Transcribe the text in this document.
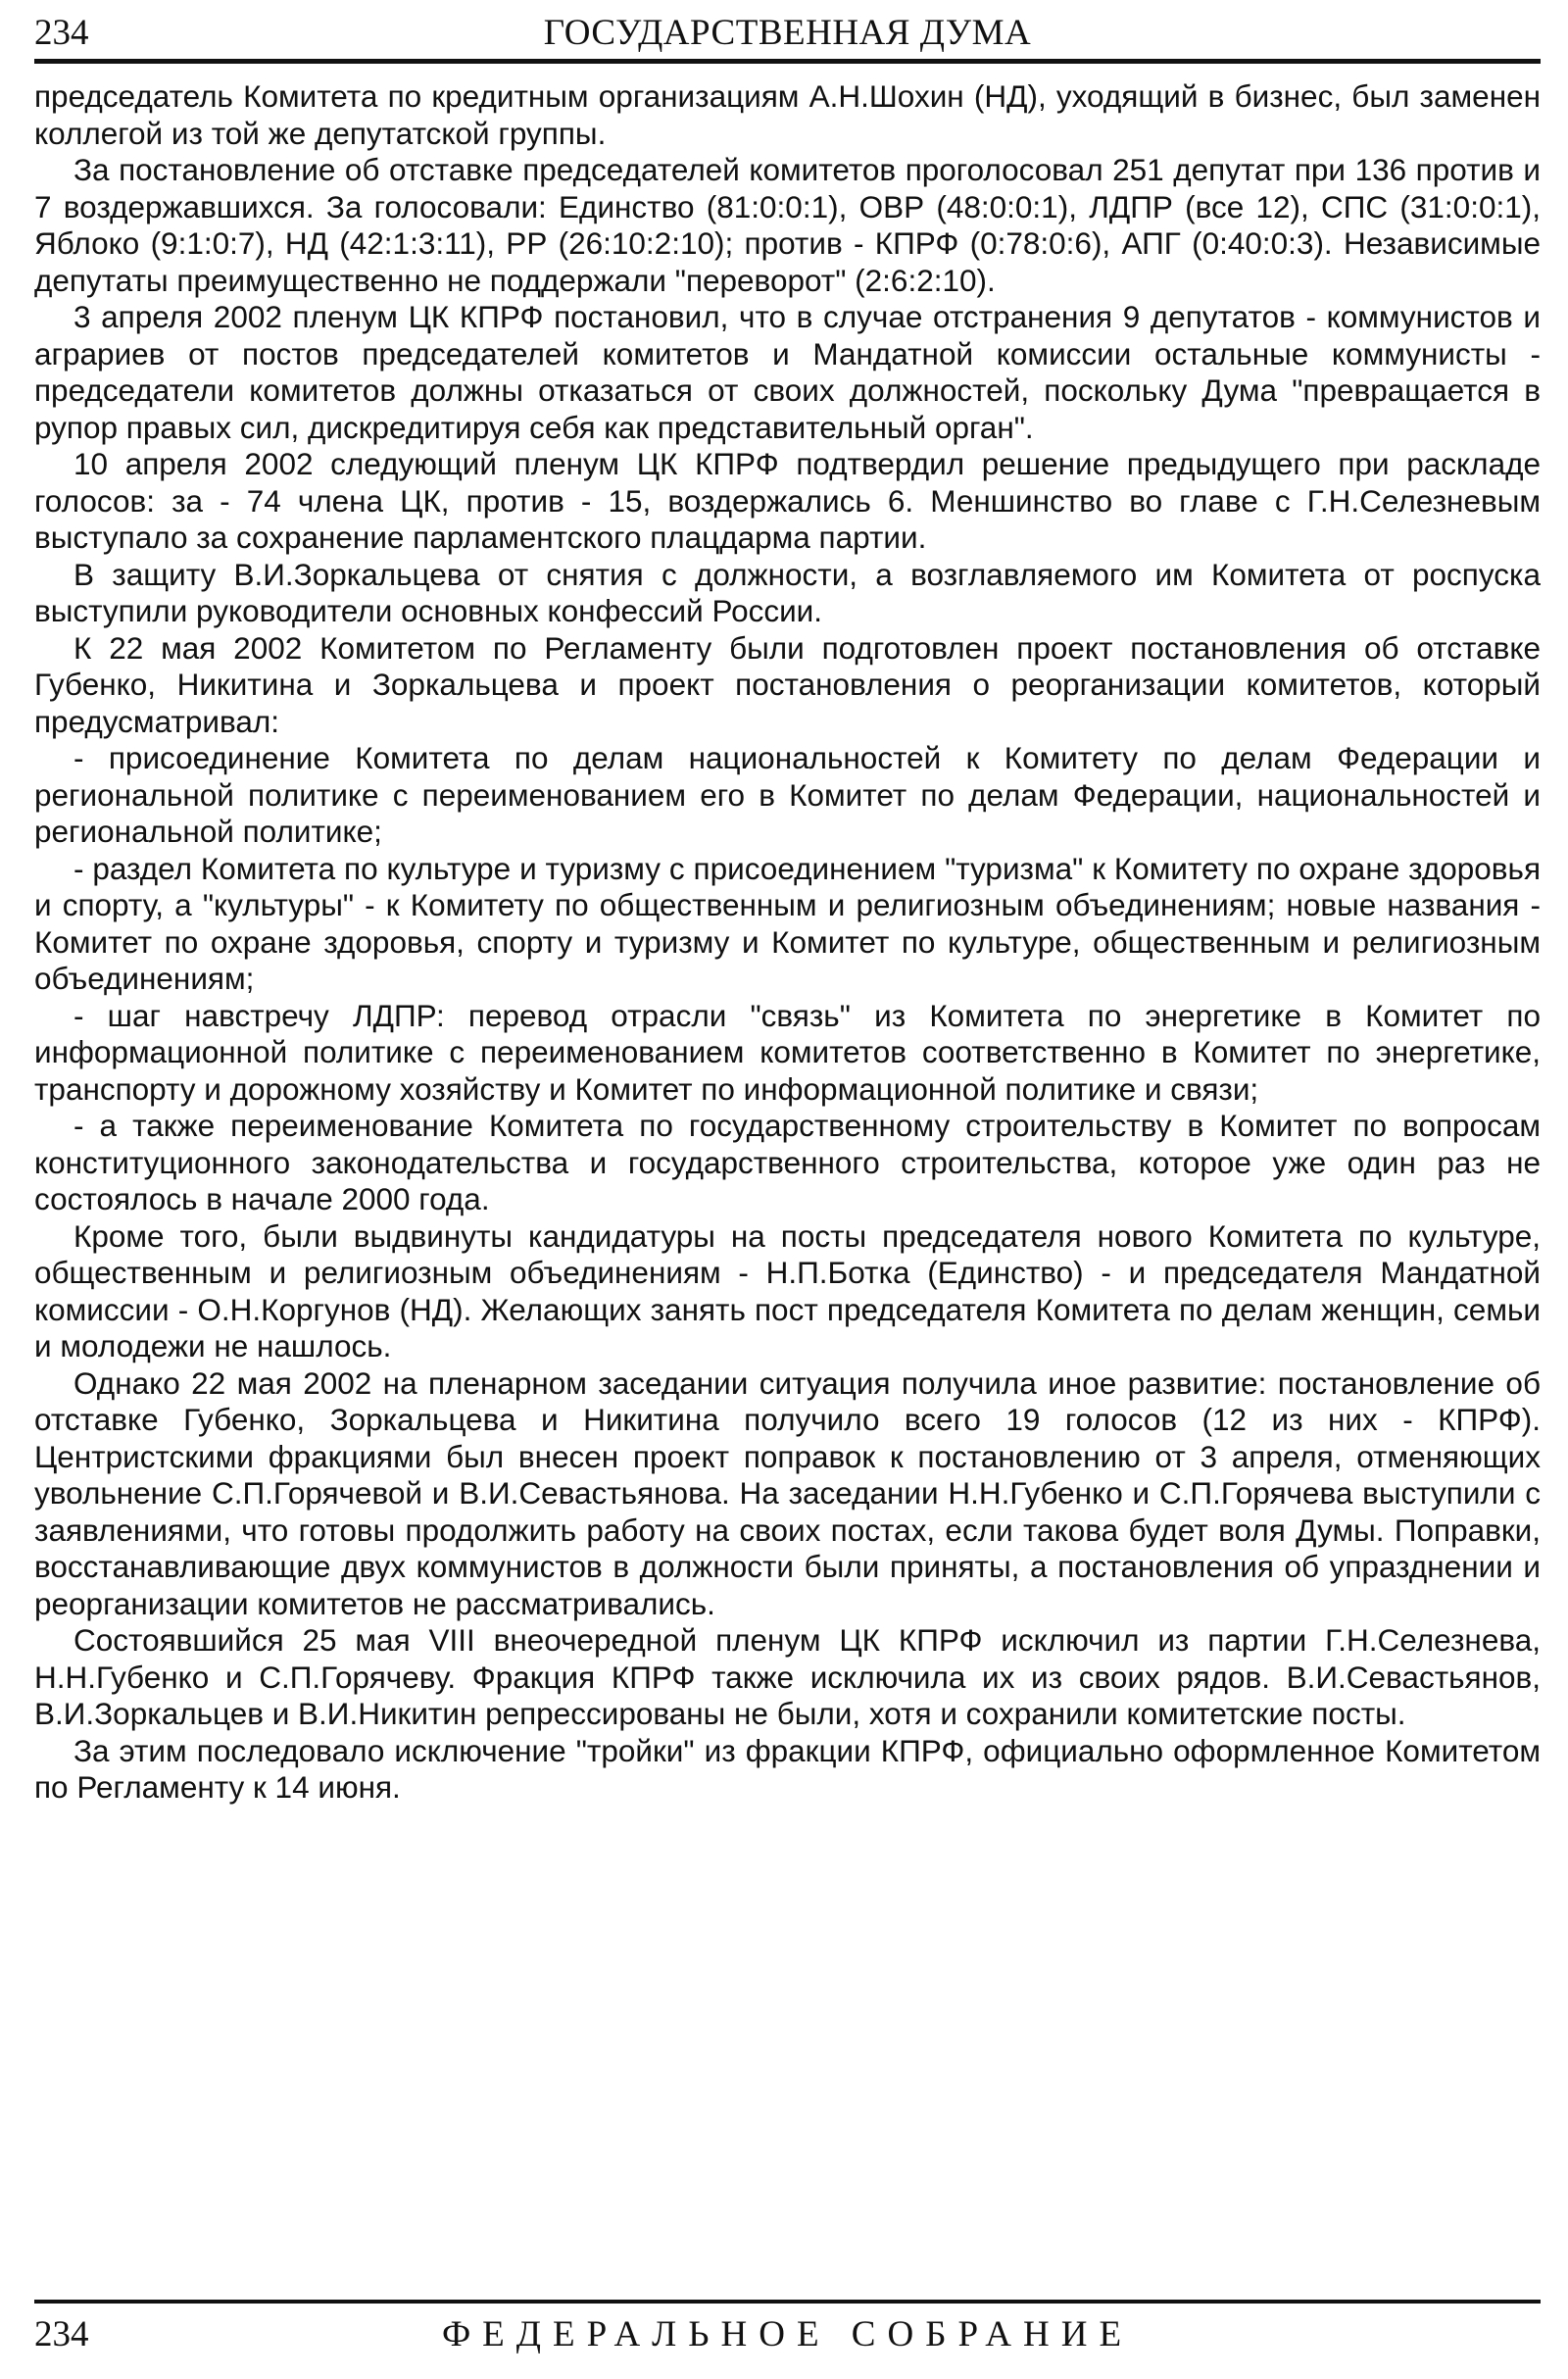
234	ГОСУДАРСТВЕННАЯ ДУМА

председатель Комитета по кредитным организациям А.Н.Шохин (НД), уходящий в бизнес, был заменен коллегой из той же депутатской группы.

За постановление об отставке председателей комитетов проголосовал 251 депутат при 136 против и 7 воздержавшихся. За голосовали: Единство (81:0:0:1), ОВР (48:0:0:1), ЛДПР (все 12), СПС (31:0:0:1), Яблоко (9:1:0:7), НД (42:1:3:11), РР (26:10:2:10); против - КПРФ (0:78:0:6), АПГ (0:40:0:3). Независимые депутаты преимущественно не поддержали "переворот" (2:6:2:10).

3 апреля 2002 пленум ЦК КПРФ постановил, что в случае отстранения 9 депутатов - коммунистов и аграриев от постов председателей комитетов и Мандатной комиссии остальные коммунисты - председатели комитетов должны отказаться от своих должностей, поскольку Дума "превращается в рупор правых сил, дискредитируя себя как представительный орган".

10 апреля 2002 следующий пленум ЦК КПРФ подтвердил решение предыдущего при раскладе голосов: за - 74 члена ЦК, против - 15, воздержались 6. Меншинство во главе с Г.Н.Селезневым выступало за сохранение парламентского плацдарма партии.

В защиту В.И.Зоркальцева от снятия с должности, а возглавляемого им Комитета от роспуска выступили руководители основных конфессий России.

К 22 мая 2002 Комитетом по Регламенту были подготовлен проект постановления об отставке Губенко, Никитина и Зоркальцева и проект постановления о реорганизации комитетов, который предусматривал:

- присоединение Комитета по делам национальностей к Комитету по делам Федерации и региональной политике с переименованием его в Комитет по делам Федерации, национальностей и региональной политике;

- раздел Комитета по культуре и туризму с присоединением "туризма" к Комитету по охране здоровья и спорту, а "культуры" - к Комитету по общественным и религиозным объединениям; новые названия - Комитет по охране здоровья, спорту и туризму и Комитет по культуре, общественным и религиозным объединениям;

- шаг навстречу ЛДПР: перевод отрасли "связь" из Комитета по энергетике в Комитет по информационной политике с переименованием комитетов соответственно в Комитет по энергетике, транспорту и дорожному хозяйству и Комитет по информационной политике и связи;

- а также переименование Комитета по государственному строительству в Комитет по вопросам конституционного законодательства и государственного строительства, которое уже один раз не состоялось в начале 2000 года.

Кроме того, были выдвинуты кандидатуры на посты председателя нового Комитета по культуре, общественным и религиозным объединениям - Н.П.Ботка (Единство) - и председателя Мандатной комиссии - О.Н.Коргунов (НД). Желающих занять пост председателя Комитета по делам женщин, семьи и молодежи не нашлось.

Однако 22 мая 2002 на пленарном заседании ситуация получила иное развитие: постановление об отставке Губенко, Зоркальцева и Никитина получило всего 19 голосов (12 из них - КПРФ). Центристскими фракциями был внесен проект поправок к постановлению от 3 апреля, отменяющих увольнение С.П.Горячевой и В.И.Севастьянова. На заседании Н.Н.Губенко и С.П.Горячева выступили с заявлениями, что готовы продолжить работу на своих постах, если такова будет воля Думы. Поправки, восстанавливающие двух коммунистов в должности были приняты, а постановления об упразднении и реорганизации комитетов не рассматривались.

Состоявшийся 25 мая VIII внеочередной пленум ЦК КПРФ исключил из партии Г.Н.Селезнева, Н.Н.Губенко и С.П.Горячеву. Фракция КПРФ также исключила их из своих рядов. В.И.Севастьянов, В.И.Зоркальцев и В.И.Никитин репрессированы не были, хотя и сохранили комитетские посты.

За этим последовало исключение "тройки" из фракции КПРФ, официально оформленное Комитетом по Регламенту к 14 июня.

234	ФЕДЕРАЛЬНОЕ СОБРАНИЕ
